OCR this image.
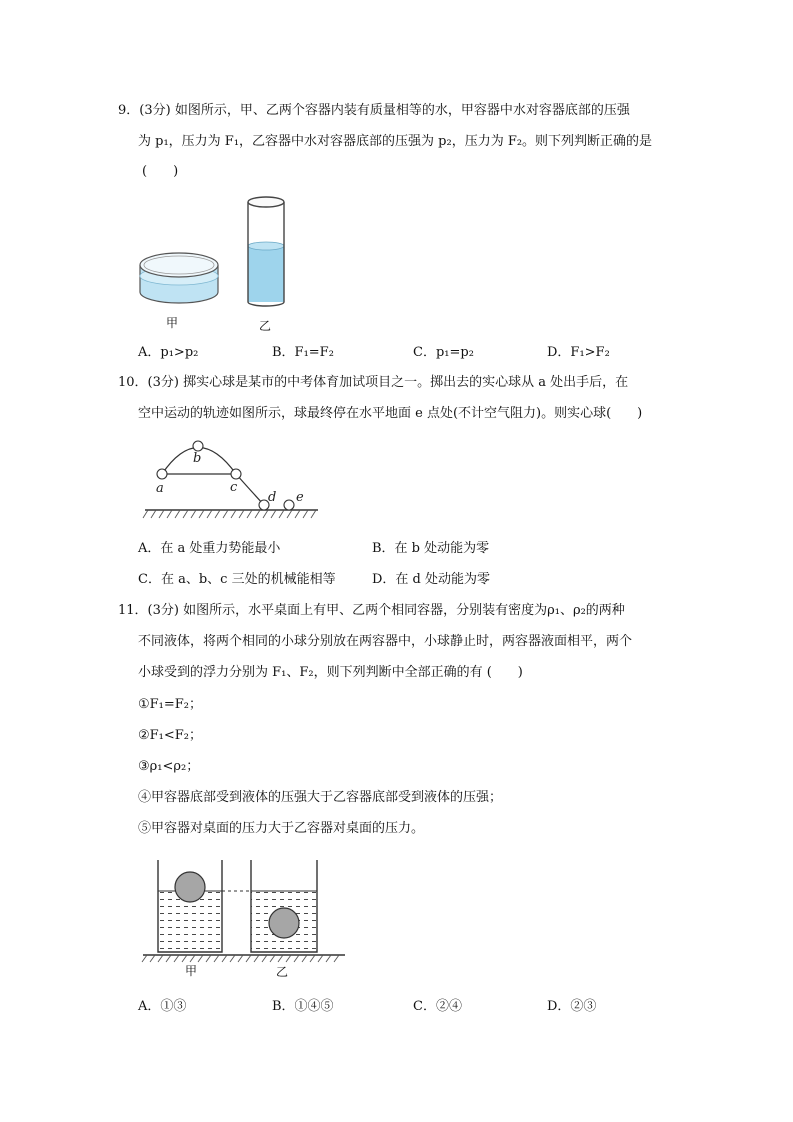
9．(3分) 如图所示，甲、乙两个容器内装有质量相等的水，甲容器中水对容器底部的压强
为 p₁，压力为 F₁，乙容器中水对容器底部的压强为 p₂，压力为 F₂。则下列判断正确的是
(　　)
甲	乙
A．p₁>p₂	B．F₁=F₂	C．p₁=p₂	D．F₁>F₂
10．(3分) 掷实心球是某市的中考体育加试项目之一。掷出去的实心球从 a 处出手后，在
空中运动的轨迹如图所示，球最终停在水平地面 e 点处(不计空气阻力)。则实心球(　　)
a
b
c
d e
A．在 a 处重力势能最小	B．在 b 处动能为零
C．在 a、b、c 三处的机械能相等	D．在 d 处动能为零
11．(3分) 如图所示，水平桌面上有甲、乙两个相同容器，分别装有密度为ρ₁、ρ₂的两种
不同液体，将两个相同的小球分别放在两容器中，小球静止时，两容器液面相平，两个
小球受到的浮力分别为 F₁、F₂，则下列判断中全部正确的有 (　　)
①F₁=F₂；
②F₁<F₂；
③ρ₁<ρ₂；
④甲容器底部受到液体的压强大于乙容器底部受到液体的压强；
⑤甲容器对桌面的压力大于乙容器对桌面的压力。
甲	乙
A．①③	B．①④⑤	C．②④	D．②③
